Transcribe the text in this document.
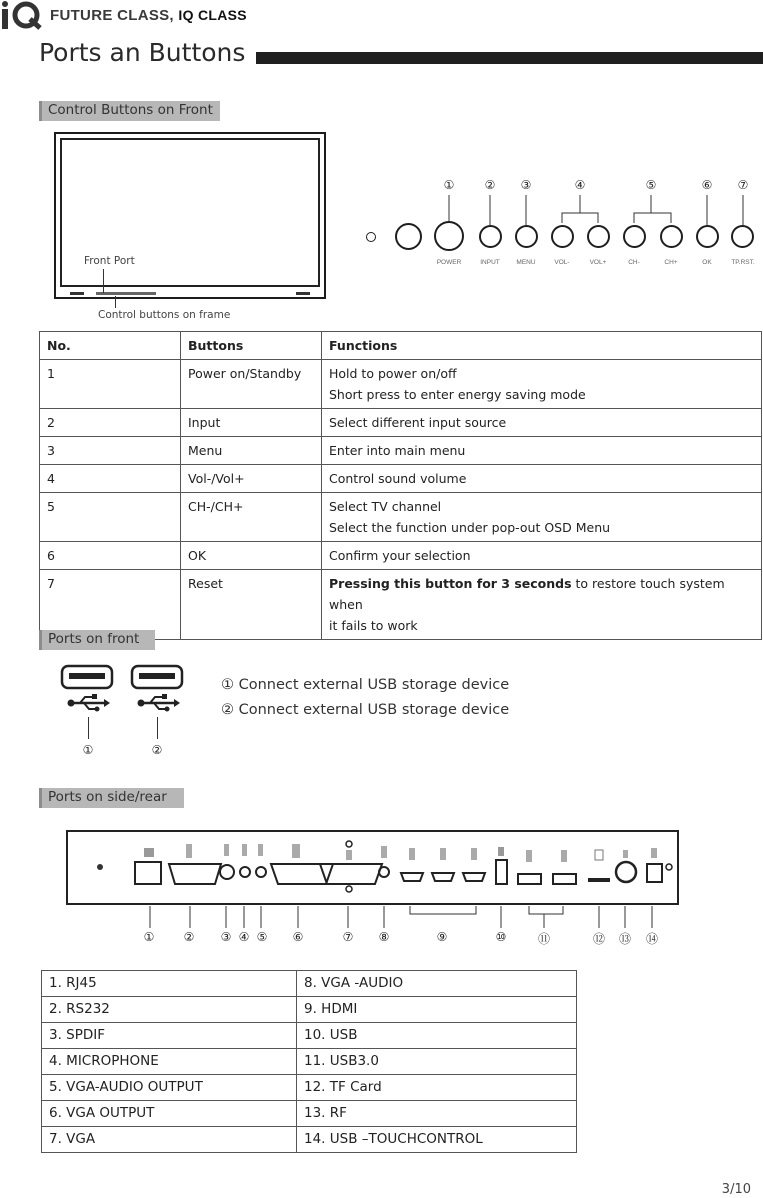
FUTURE CLASS, IQ CLASS
Ports an Buttons
Control Buttons on Front
Front Port
Control buttons on frame
POWER	INPUT	MENU	VOL-	VOL+	CH-	CH+	OK	TP.RST.
①	② ③	④	⑤	⑥ ⑦
No.	Buttons	Functions
1	Power on/Standby	Hold to power on/off
Short press to enter energy saving mode

2	Input	Select different input source
3	Menu	Enter into main menu
4	Vol-/Vol+	Control sound volume
5	CH-/CH+	Select TV channel
Select the function under pop-out OSD Menu

6	OK	Confirm your selection
7	Reset	Pressing this button for 3 seconds to restore touch system when
it fails to work
Ports on front
①	②
① Connect external USB storage device
② Connect external USB storage device
Ports on side/rear
① ② ③ ④ ⑤ ⑥	⑦ ⑧	⑨	⑩	⑪	⑫ ⑬ ⑭
1. RJ45	8. VGA -AUDIO
2. RS232	9. HDMI
3. SPDIF	10. USB
4. MICROPHONE	11. USB3.0
5. VGA-AUDIO OUTPUT	12. TF Card
6. VGA OUTPUT	13. RF
7. VGA	14. USB –TOUCHCONTROL
3/10
